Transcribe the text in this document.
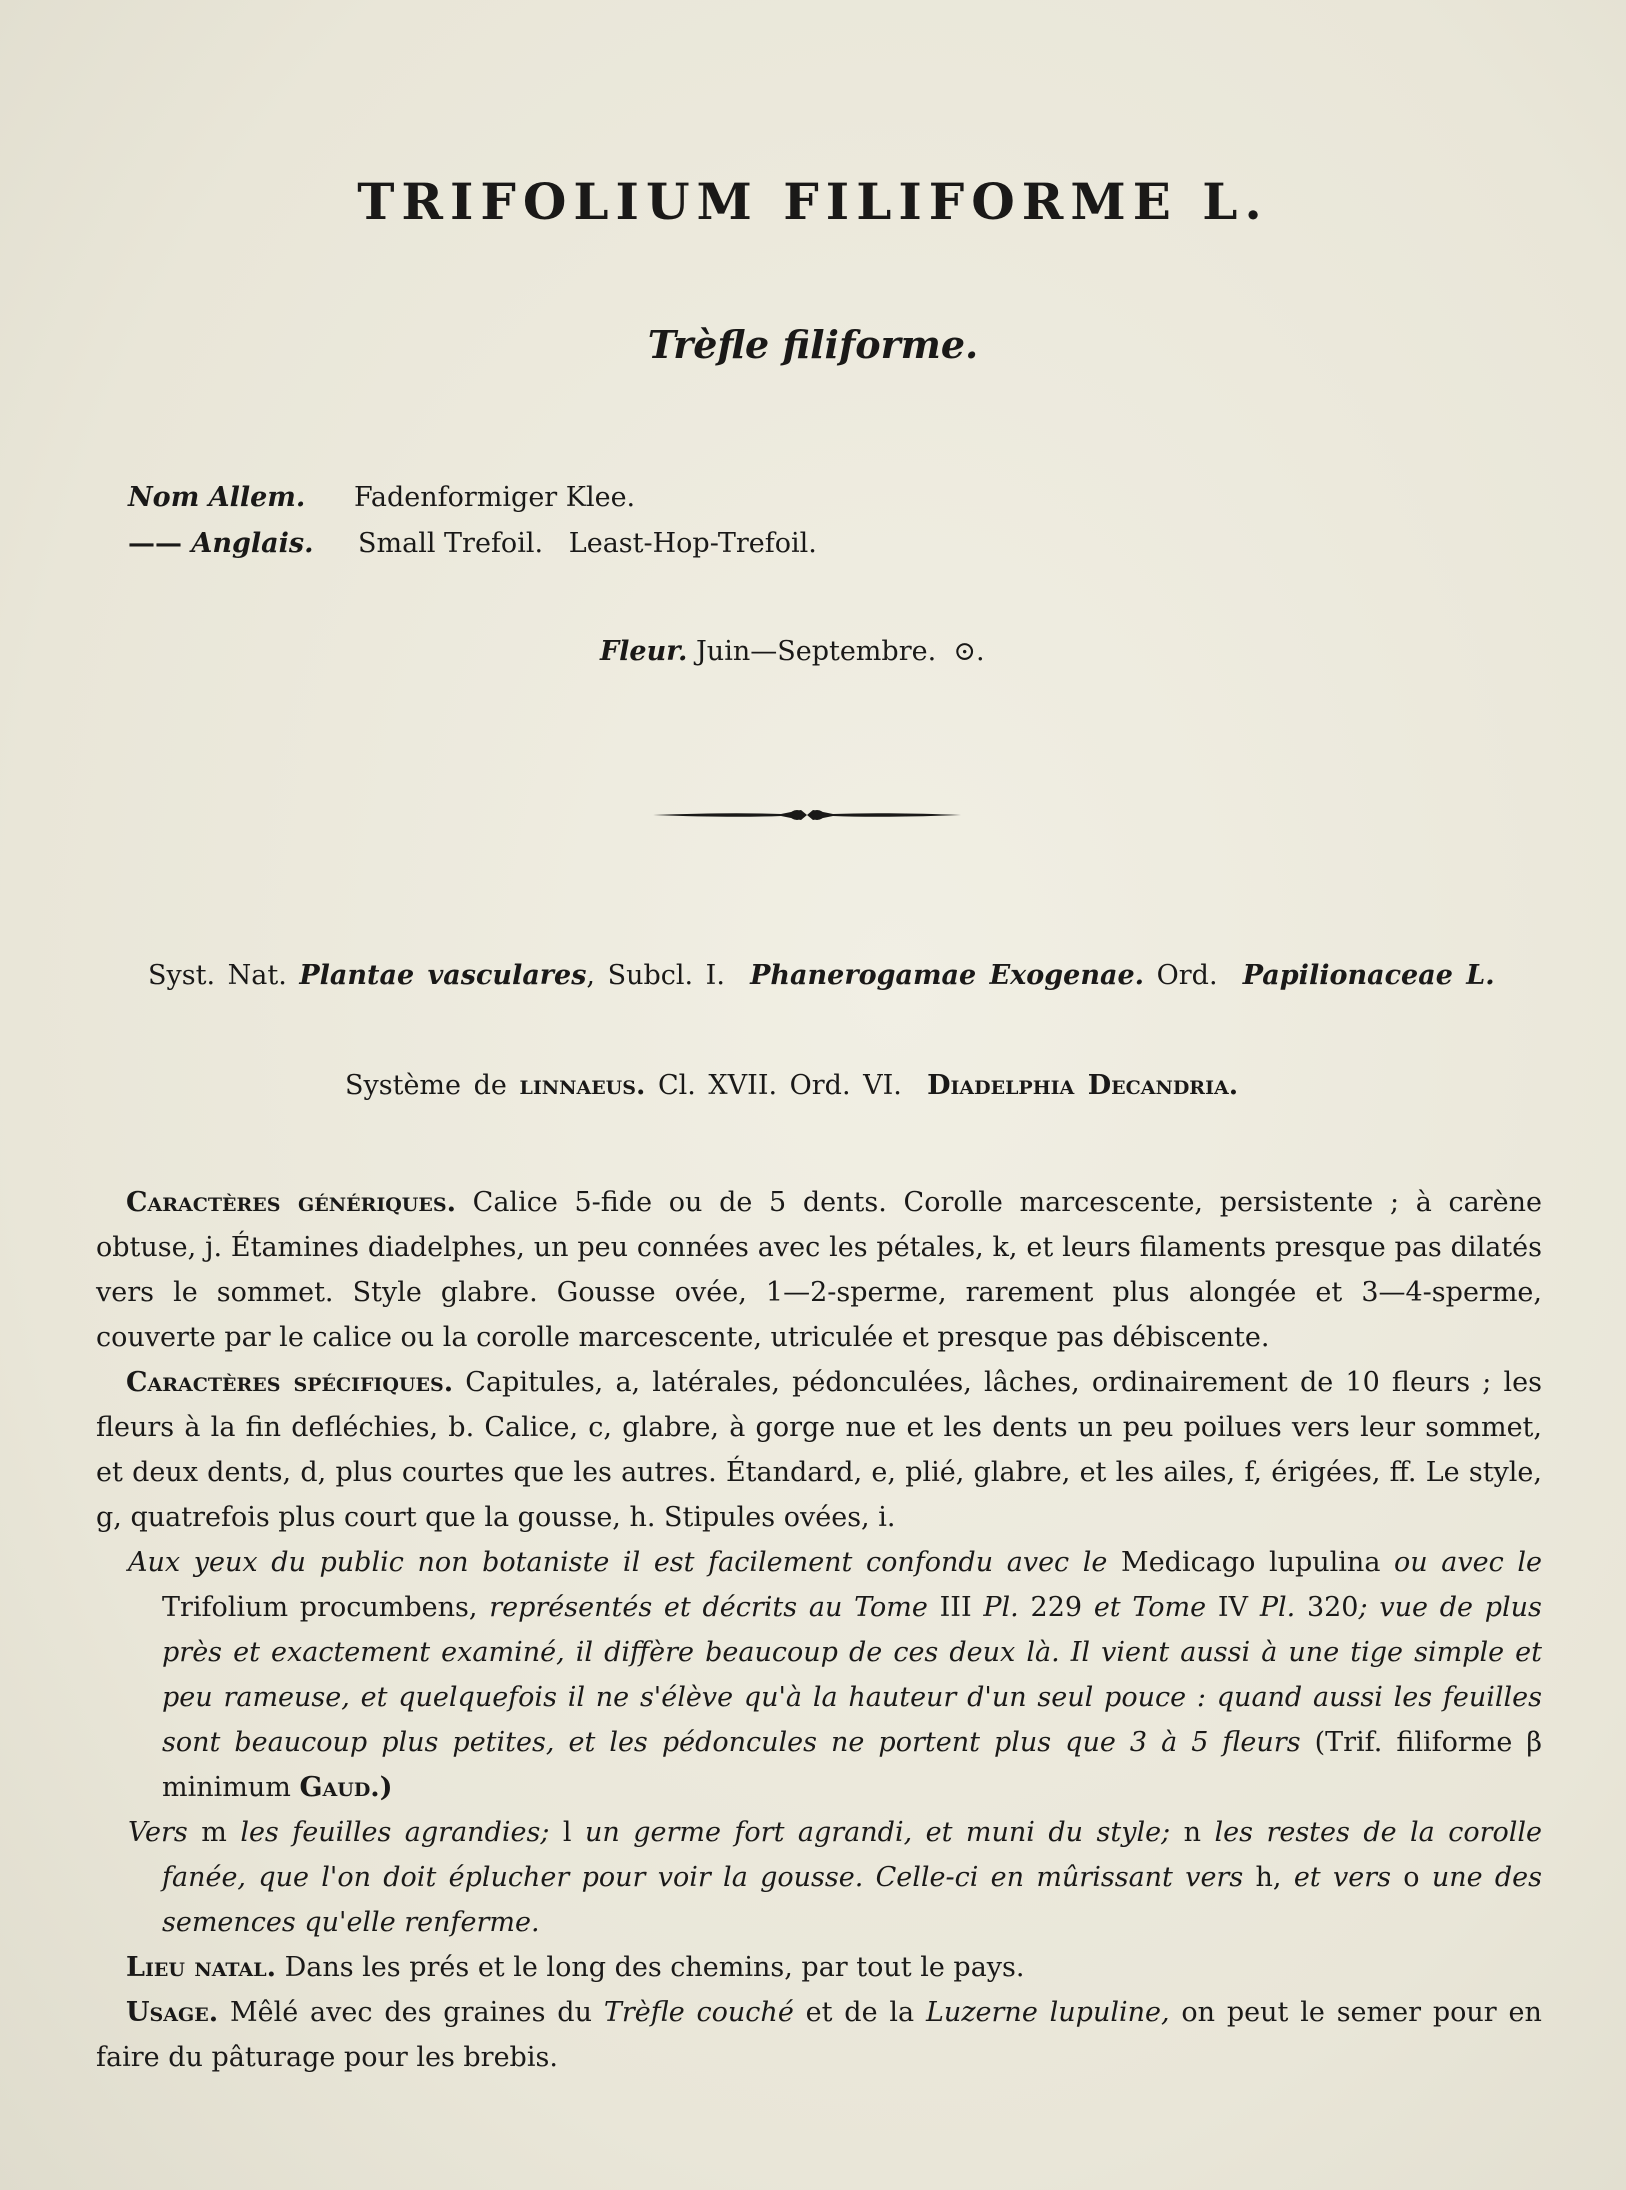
TRIFOLIUM FILIFORME L.
Trèfle filiforme.
Nom Allem. Fadenformiger Klee.
—— Anglais. Small Trefoil.   Least-Hop-Trefoil.
Fleur. Juin—Septembre. ⊙.
Syst. Nat. Plantae vasculares, Subcl. I. Phanerogamae Exogenae. Ord. Papilionaceae L.
Système de linnaeus. Cl. XVII. Ord. VI. Diadelphia Decandria.

Caractères génériques. Calice 5-fide ou de 5 dents. Corolle marcescente, persistente ; à carène obtuse, j. Étamines diadelphes, un peu connées avec les pétales, k, et leurs filaments presque pas dilatés vers le sommet. Style glabre. Gousse ovée, 1—2-sperme, rarement plus alongée et 3—4-sperme, couverte par le calice ou la corolle marcescente, utriculée et presque pas débiscente.

Caractères spécifiques. Capitules, a, latérales, pédonculées, lâches, ordinairement de 10 fleurs ; les fleurs à la fin defléchies, b. Calice, c, glabre, à gorge nue et les dents un peu poilues vers leur sommet, et deux dents, d, plus courtes que les autres. Étandard, e, plié, glabre, et les ailes, f, érigées, ff. Le style, g, quatrefois plus court que la gousse, h. Stipules ovées, i.

Aux yeux du public non botaniste il est facilement confondu avec le Medicago lupulina ou avec le Trifolium procumbens, représentés et décrits au Tome III Pl. 229 et Tome IV Pl. 320; vue de plus près et exactement examiné, il diffère beaucoup de ces deux là. Il vient aussi à une tige simple et peu rameuse, et quelquefois il ne s'élève qu'à la hauteur d'un seul pouce : quand aussi les feuilles sont beaucoup plus petites, et les pédoncules ne portent plus que 3 à 5 fleurs (Trif. filiforme β minimum Gaud.)

Vers m les feuilles agrandies; l un germe fort agrandi, et muni du style; n les restes de la corolle fanée, que l'on doit éplucher pour voir la gousse. Celle-ci en mûrissant vers h, et vers o une des semences qu'elle renferme.

Lieu natal. Dans les prés et le long des chemins, par tout le pays.

Usage. Mêlé avec des graines du Trèfle couché et de la Luzerne lupuline, on peut le semer pour en faire du pâturage pour les brebis.
